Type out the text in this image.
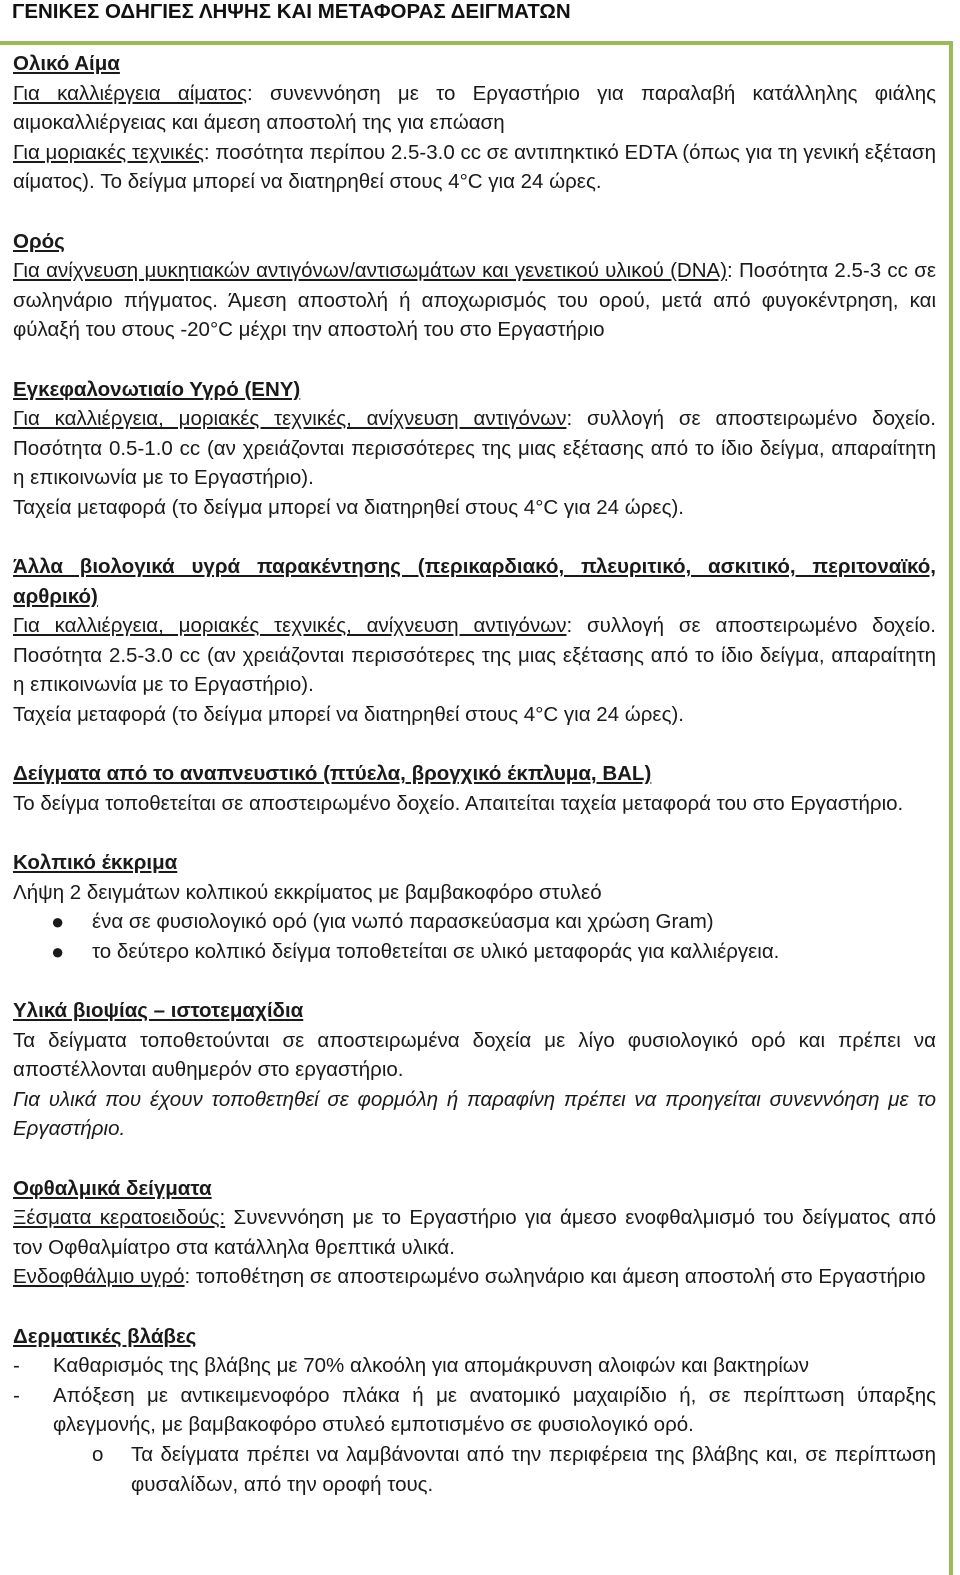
ΓΕΝΙΚΕΣ ΟΔΗΓΙΕΣ ΛΗΨΗΣ ΚΑΙ ΜΕΤΑΦΟΡΑΣ ΔΕΙΓΜΑΤΩΝ

Ολικό Αίμα

Για καλλιέργεια αίματος: συνεννόηση με το Εργαστήριο για παραλαβή κατάλληλης φιάλης αιμοκαλλιέργειας και άμεση αποστολή της για επώαση

Για μοριακές τεχνικές: ποσότητα περίπου 2.5-3.0 cc σε αντιπηκτικό EDTA (όπως για τη γενική εξέταση αίματος). Το δείγμα μπορεί να διατηρηθεί στους 4°C για 24 ώρες.

Ορός

Για ανίχνευση μυκητιακών αντιγόνων/αντισωμάτων και γενετικού υλικού (DNA): Ποσότητα 2.5-3 cc σε σωληνάριο πήγματος. Άμεση αποστολή ή αποχωρισμός του ορού, μετά από φυγοκέντρηση, και φύλαξή του στους -20°C μέχρι την αποστολή του στο Εργαστήριο

Εγκεφαλονωτιαίο Υγρό (ΕΝΥ)

Για καλλιέργεια, μοριακές τεχνικές, ανίχνευση αντιγόνων: συλλογή σε αποστειρωμένο δοχείο. Ποσότητα 0.5-1.0 cc (αν χρειάζονται περισσότερες της μιας εξέτασης από το ίδιο δείγμα, απαραίτητη η επικοινωνία με το Εργαστήριο).

Ταχεία μεταφορά (το δείγμα μπορεί να διατηρηθεί στους 4°C για 24 ώρες).

Άλλα βιολογικά υγρά παρακέντησης (περικαρδιακό, πλευριτικό, ασκιτικό, περιτοναϊκό, αρθρικό)

Για καλλιέργεια, μοριακές τεχνικές, ανίχνευση αντιγόνων: συλλογή σε αποστειρωμένο δοχείο. Ποσότητα 2.5-3.0 cc (αν χρειάζονται περισσότερες της μιας εξέτασης από το ίδιο δείγμα, απαραίτητη η επικοινωνία με το Εργαστήριο).

Ταχεία μεταφορά (το δείγμα μπορεί να διατηρηθεί στους 4°C για 24 ώρες).

Δείγματα από το αναπνευστικό (πτύελα, βρογχικό έκπλυμα, BAL)

Το δείγμα τοποθετείται σε αποστειρωμένο δοχείο. Απαιτείται ταχεία μεταφορά του στο Εργαστήριο.

Κολπικό έκκριμα

Λήψη 2 δειγμάτων κολπικού εκκρίματος με βαμβακοφόρο στυλεό

● ένα σε φυσιολογικό ορό (για νωπό παρασκεύασμα και χρώση Gram)
● το δεύτερο κολπικό δείγμα τοποθετείται σε υλικό μεταφοράς για καλλιέργεια.

Υλικά βιοψίας – ιστοτεμαχίδια

Τα δείγματα τοποθετούνται σε αποστειρωμένα δοχεία με λίγο φυσιολογικό ορό και πρέπει να αποστέλλονται αυθημερόν στο εργαστήριο.

Για υλικά που έχουν τοποθετηθεί σε φορμόλη ή παραφίνη πρέπει να προηγείται συνεννόηση με το Εργαστήριο.

Οφθαλμικά δείγματα

Ξέσματα κερατοειδούς: Συνεννόηση με το Εργαστήριο για άμεσο ενοφθαλμισμό του δείγματος από τον Οφθαλμίατρο στα κατάλληλα θρεπτικά υλικά.

Ενδοφθάλμιο υγρό: τοποθέτηση σε αποστειρωμένο σωληνάριο και άμεση αποστολή στο Εργαστήριο

Δερματικές βλάβες

- Καθαρισμός της βλάβης με 70% αλκοόλη για απομάκρυνση αλοιφών και βακτηρίων
- Απόξεση με αντικειμενοφόρο πλάκα ή με ανατομικό μαχαιρίδιο ή, σε περίπτωση ύπαρξης φλεγμονής, με βαμβακοφόρο στυλεό εμποτισμένο σε φυσιολογικό ορό.
o Τα δείγματα πρέπει να λαμβάνονται από την περιφέρεια της βλάβης και, σε περίπτωση φυσαλίδων, από την οροφή τους.
